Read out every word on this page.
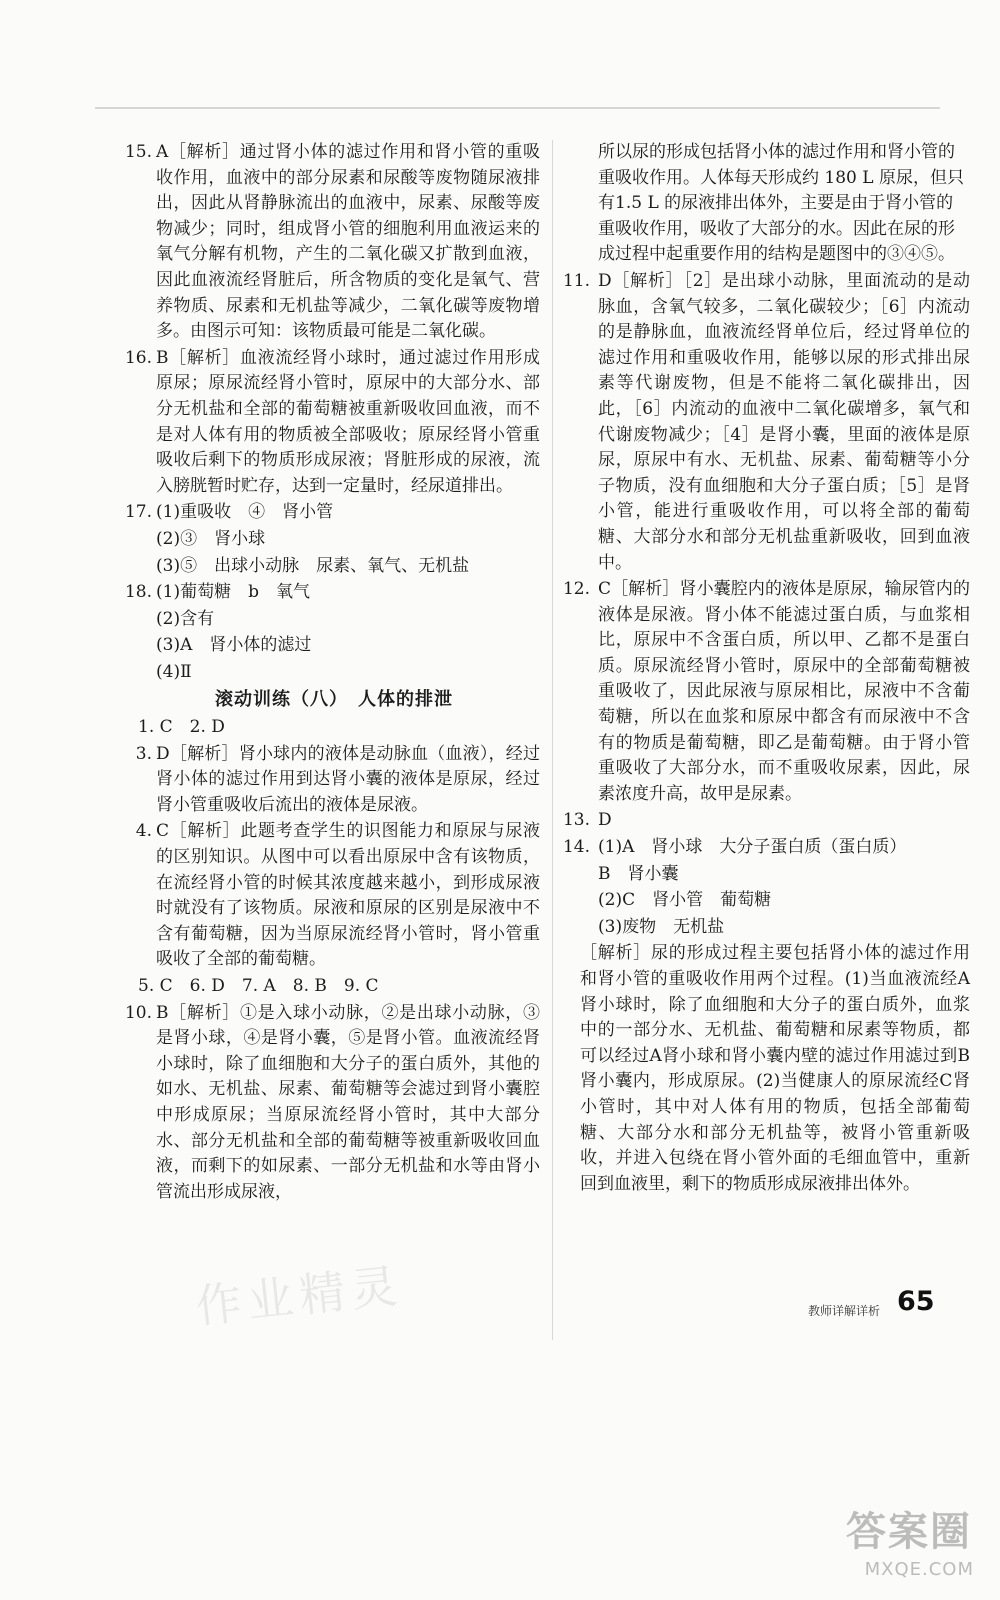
15. A［解析］通过肾小体的滤过作用和肾小管的重吸收作用，血液中的部分尿素和尿酸等废物随尿液排出，因此从肾静脉流出的血液中，尿素、尿酸等废物减少；同时，组成肾小管的细胞利用血液运来的氧气分解有机物，产生的二氧化碳又扩散到血液，因此血液流经肾脏后，所含物质的变化是氧气、营养物质、尿素和无机盐等减少，二氧化碳等废物增多。由图示可知：该物质最可能是二氧化碳。
16. B［解析］血液流经肾小球时，通过滤过作用形成原尿；原尿流经肾小管时，原尿中的大部分水、部分无机盐和全部的葡萄糖被重新吸收回血液，而不是对人体有用的物质被全部吸收；原尿经肾小管重吸收后剩下的物质形成尿液；肾脏形成的尿液，流入膀胱暂时贮存，达到一定量时，经尿道排出。
17. (1)重吸收　④　肾小管
(2)③　肾小球
(3)⑤　出球小动脉　尿素、氧气、无机盐
18. (1)葡萄糖　b　氧气
(2)含有
(3)A　肾小体的滤过
(4)Ⅱ
滚动训练（八）　人体的排泄
1. C　2. D
3. D［解析］肾小球内的液体是动脉血（血液），经过肾小体的滤过作用到达肾小囊的液体是原尿，经过肾小管重吸收后流出的液体是尿液。
4. C［解析］此题考查学生的识图能力和原尿与尿液的区别知识。从图中可以看出原尿中含有该物质，在流经肾小管的时候其浓度越来越小，到形成尿液时就没有了该物质。尿液和原尿的区别是尿液中不含有葡萄糖，因为当原尿流经肾小管时，肾小管重吸收了全部的葡萄糖。
5. C　6. D　7. A　8. B　9. C
10. B［解析］①是入球小动脉，②是出球小动脉，③是肾小球，④是肾小囊，⑤是肾小管。血液流经肾小球时，除了血细胞和大分子的蛋白质外，其他的如水、无机盐、尿素、葡萄糖等会滤过到肾小囊腔中形成原尿；当原尿流经肾小管时，其中大部分水、部分无机盐和全部的葡萄糖等被重新吸收回血液，而剩下的如尿素、一部分无机盐和水等由肾小管流出形成尿液，
所以尿的形成包括肾小体的滤过作用和肾小管的重吸收作用。人体每天形成约 180 L 原尿，但只有1.5 L 的尿液排出体外，主要是由于肾小管的重吸收作用，吸收了大部分的水。因此在尿的形成过程中起重要作用的结构是题图中的③④⑤。
11. D［解析］［2］是出球小动脉，里面流动的是动脉血，含氧气较多，二氧化碳较少；［6］内流动的是静脉血，血液流经肾单位后，经过肾单位的滤过作用和重吸收作用，能够以尿的形式排出尿素等代谢废物，但是不能将二氧化碳排出，因此，［6］内流动的血液中二氧化碳增多，氧气和代谢废物减少；［4］是肾小囊，里面的液体是原尿，原尿中有水、无机盐、尿素、葡萄糖等小分子物质，没有血细胞和大分子蛋白质；［5］是肾小管，能进行重吸收作用，可以将全部的葡萄糖、大部分水和部分无机盐重新吸收，回到血液中。
12. C［解析］肾小囊腔内的液体是原尿，输尿管内的液体是尿液。肾小体不能滤过蛋白质，与血浆相比，原尿中不含蛋白质，所以甲、乙都不是蛋白质。原尿流经肾小管时，原尿中的全部葡萄糖被重吸收了，因此尿液与原尿相比，尿液中不含葡萄糖，所以在血浆和原尿中都含有而尿液中不含有的物质是葡萄糖，即乙是葡萄糖。由于肾小管重吸收了大部分水，而不重吸收尿素，因此，尿素浓度升高，故甲是尿素。
13. D
14. (1)A　肾小球　大分子蛋白质（蛋白质）
B　肾小囊
(2)C　肾小管　葡萄糖
(3)废物　无机盐
［解析］尿的形成过程主要包括肾小体的滤过作用和肾小管的重吸收作用两个过程。(1)当血液流经A肾小球时，除了血细胞和大分子的蛋白质外，血浆中的一部分水、无机盐、葡萄糖和尿素等物质，都可以经过A肾小球和肾小囊内壁的滤过作用滤过到B肾小囊内，形成原尿。(2)当健康人的原尿流经C肾小管时，其中对人体有用的物质，包括全部葡萄糖、大部分水和部分无机盐等，被肾小管重新吸收，并进入包绕在肾小管外面的毛细血管中，重新回到血液里，剩下的物质形成尿液排出体外。
教师详解详析 65
作业精灵
答案圈
MXQE.COM
